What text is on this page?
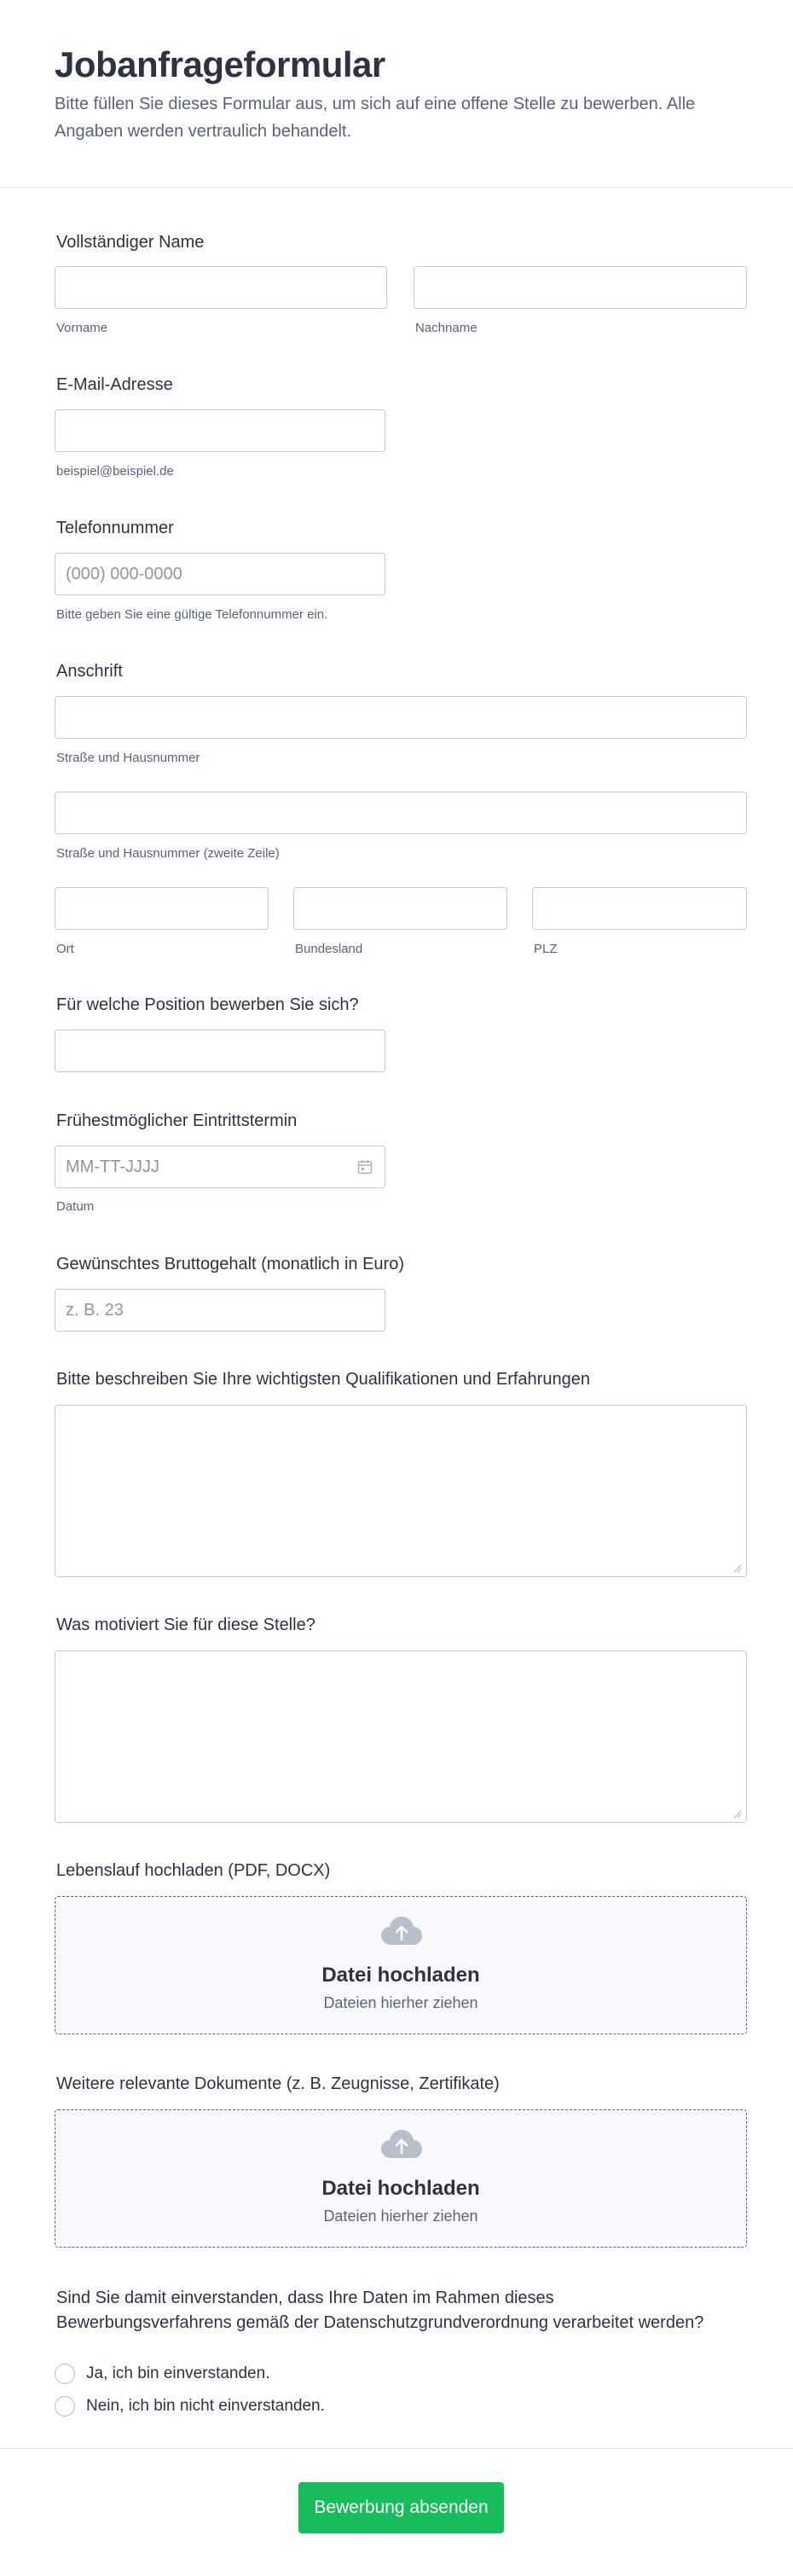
Jobanfrageformular
Bitte füllen Sie dieses Formular aus, um sich auf eine offene Stelle zu bewerben. Alle Angaben werden vertraulich behandelt.
Vollständiger Name
Vorname	Nachname
E-Mail-Adresse
beispiel@beispiel.de
Telefonnummer
(000) 000-0000
Bitte geben Sie eine gültige Telefonnummer ein.
Anschrift
Straße und Hausnummer
Straße und Hausnummer (zweite Zeile)
Ort	Bundesland	PLZ
Für welche Position bewerben Sie sich?
Frühestmöglicher Eintrittstermin
MM-TT-JJJJ
Datum
Gewünschtes Bruttogehalt (monatlich in Euro)
z. B. 23
Bitte beschreiben Sie Ihre wichtigsten Qualifikationen und Erfahrungen
Was motiviert Sie für diese Stelle?
Lebenslauf hochladen (PDF, DOCX)
Datei hochladen
Dateien hierher ziehen
Weitere relevante Dokumente (z. B. Zeugnisse, Zertifikate)
Datei hochladen
Dateien hierher ziehen
Sind Sie damit einverstanden, dass Ihre Daten im Rahmen dieses Bewerbungsverfahrens gemäß der Datenschutzgrundverordnung verarbeitet werden?
Ja, ich bin einverstanden.
Nein, ich bin nicht einverstanden.
Bewerbung absenden
